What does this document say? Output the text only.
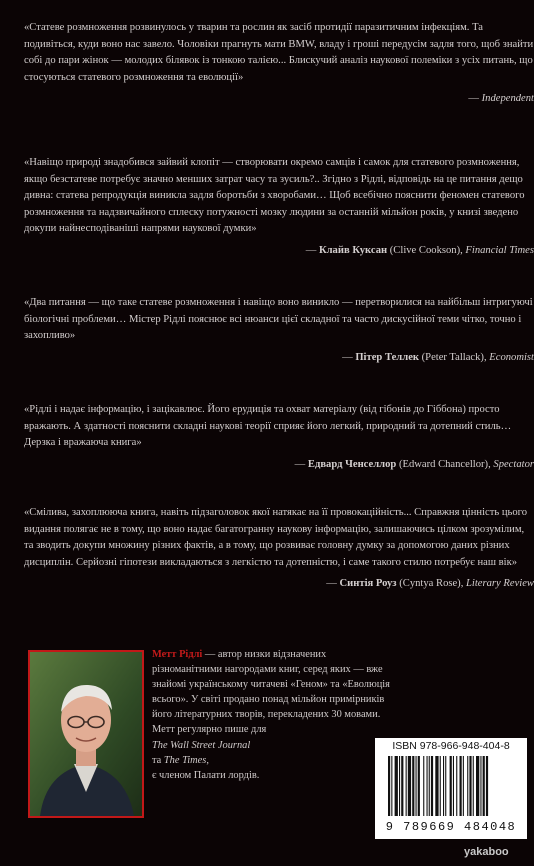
«Статеве розмноження розвинулось у тварин та рослин як засіб протидії паразитичним інфекціям. Та подивіться, куди воно нас завело. Чоловіки прагнуть мати BMW, владу і гроші передусім задля того, щоб знайти собі до пари жінок — молодих білявок із тонкою талією... Блискучий аналіз наукової полеміки з усіх питань, що стосуються статевого розмноження та еволюції»
— Independent
«Навіщо природі знадобився зайвий клопіт — створювати окремо самців і самок для статевого розмноження, якщо безстатеве потребує значно менших затрат часу та зусиль?.. Згідно з Рідлі, відповідь на це питання дещо дивна: статева репродукція виникла задля боротьби з хворобами… Щоб всебічно пояснити феномен статевого розмноження та надзвичайного сплеску потужності мозку людини за останній мільйон років, у книзі зведено докупи найнесподіваніші напрями наукової думки»
— Клайв Куксан (Clive Cookson), Financial Times
«Два питання — що таке статеве розмноження і навіщо воно виникло — перетворилися на найбільш інтригуючі біологічні проблеми… Містер Рідлі пояснює всі нюанси цієї складної та часто дискусійної теми чітко, точно і захопливо»
— Пітер Теллек (Peter Tallack), Economist
«Рідлі і надає інформацію, і зацікавлює. Його ерудиція та охват матеріалу (від гібонів до Гіббона) просто вражають. А здатності пояснити складні наукові теорії сприяє його легкий, природний та дотепний стиль… Дерзка і вражаюча книга»
— Едвард Ченселлор (Edward Chancellor), Spectator
«Смілива, захоплююча книга, навіть підзаголовок якої натякає на її провокаційність... Справжня цінність цього видання полягає не в тому, що воно надає багатогранну наукову інформацію, залишаючись цілком зрозумілим, та зводить докупи множину різних фактів, а в тому, що розвиває головну думку за допомогою даних різних дисциплін. Серйозні гіпотези викладаються з легкістю та дотепністю, і саме такого стилю потребує наш вік»
— Синтія Роуз (Cyntya Rose), Literary Review
Метт Рідлі — автор низки відзначених різноманітними нагородами книг, серед яких — вже знайомі українському читачеві «Геном» та «Еволюція всього». У світі продано понад мільйон примірників його літературних творів, перекладених 30 мовами.
Метт регулярно пише для
The Wall Street Journal
та The Times,
є членом Палати лордів.
ISBN 978-966-948-404-8
9 789669 484048
yakaboo
